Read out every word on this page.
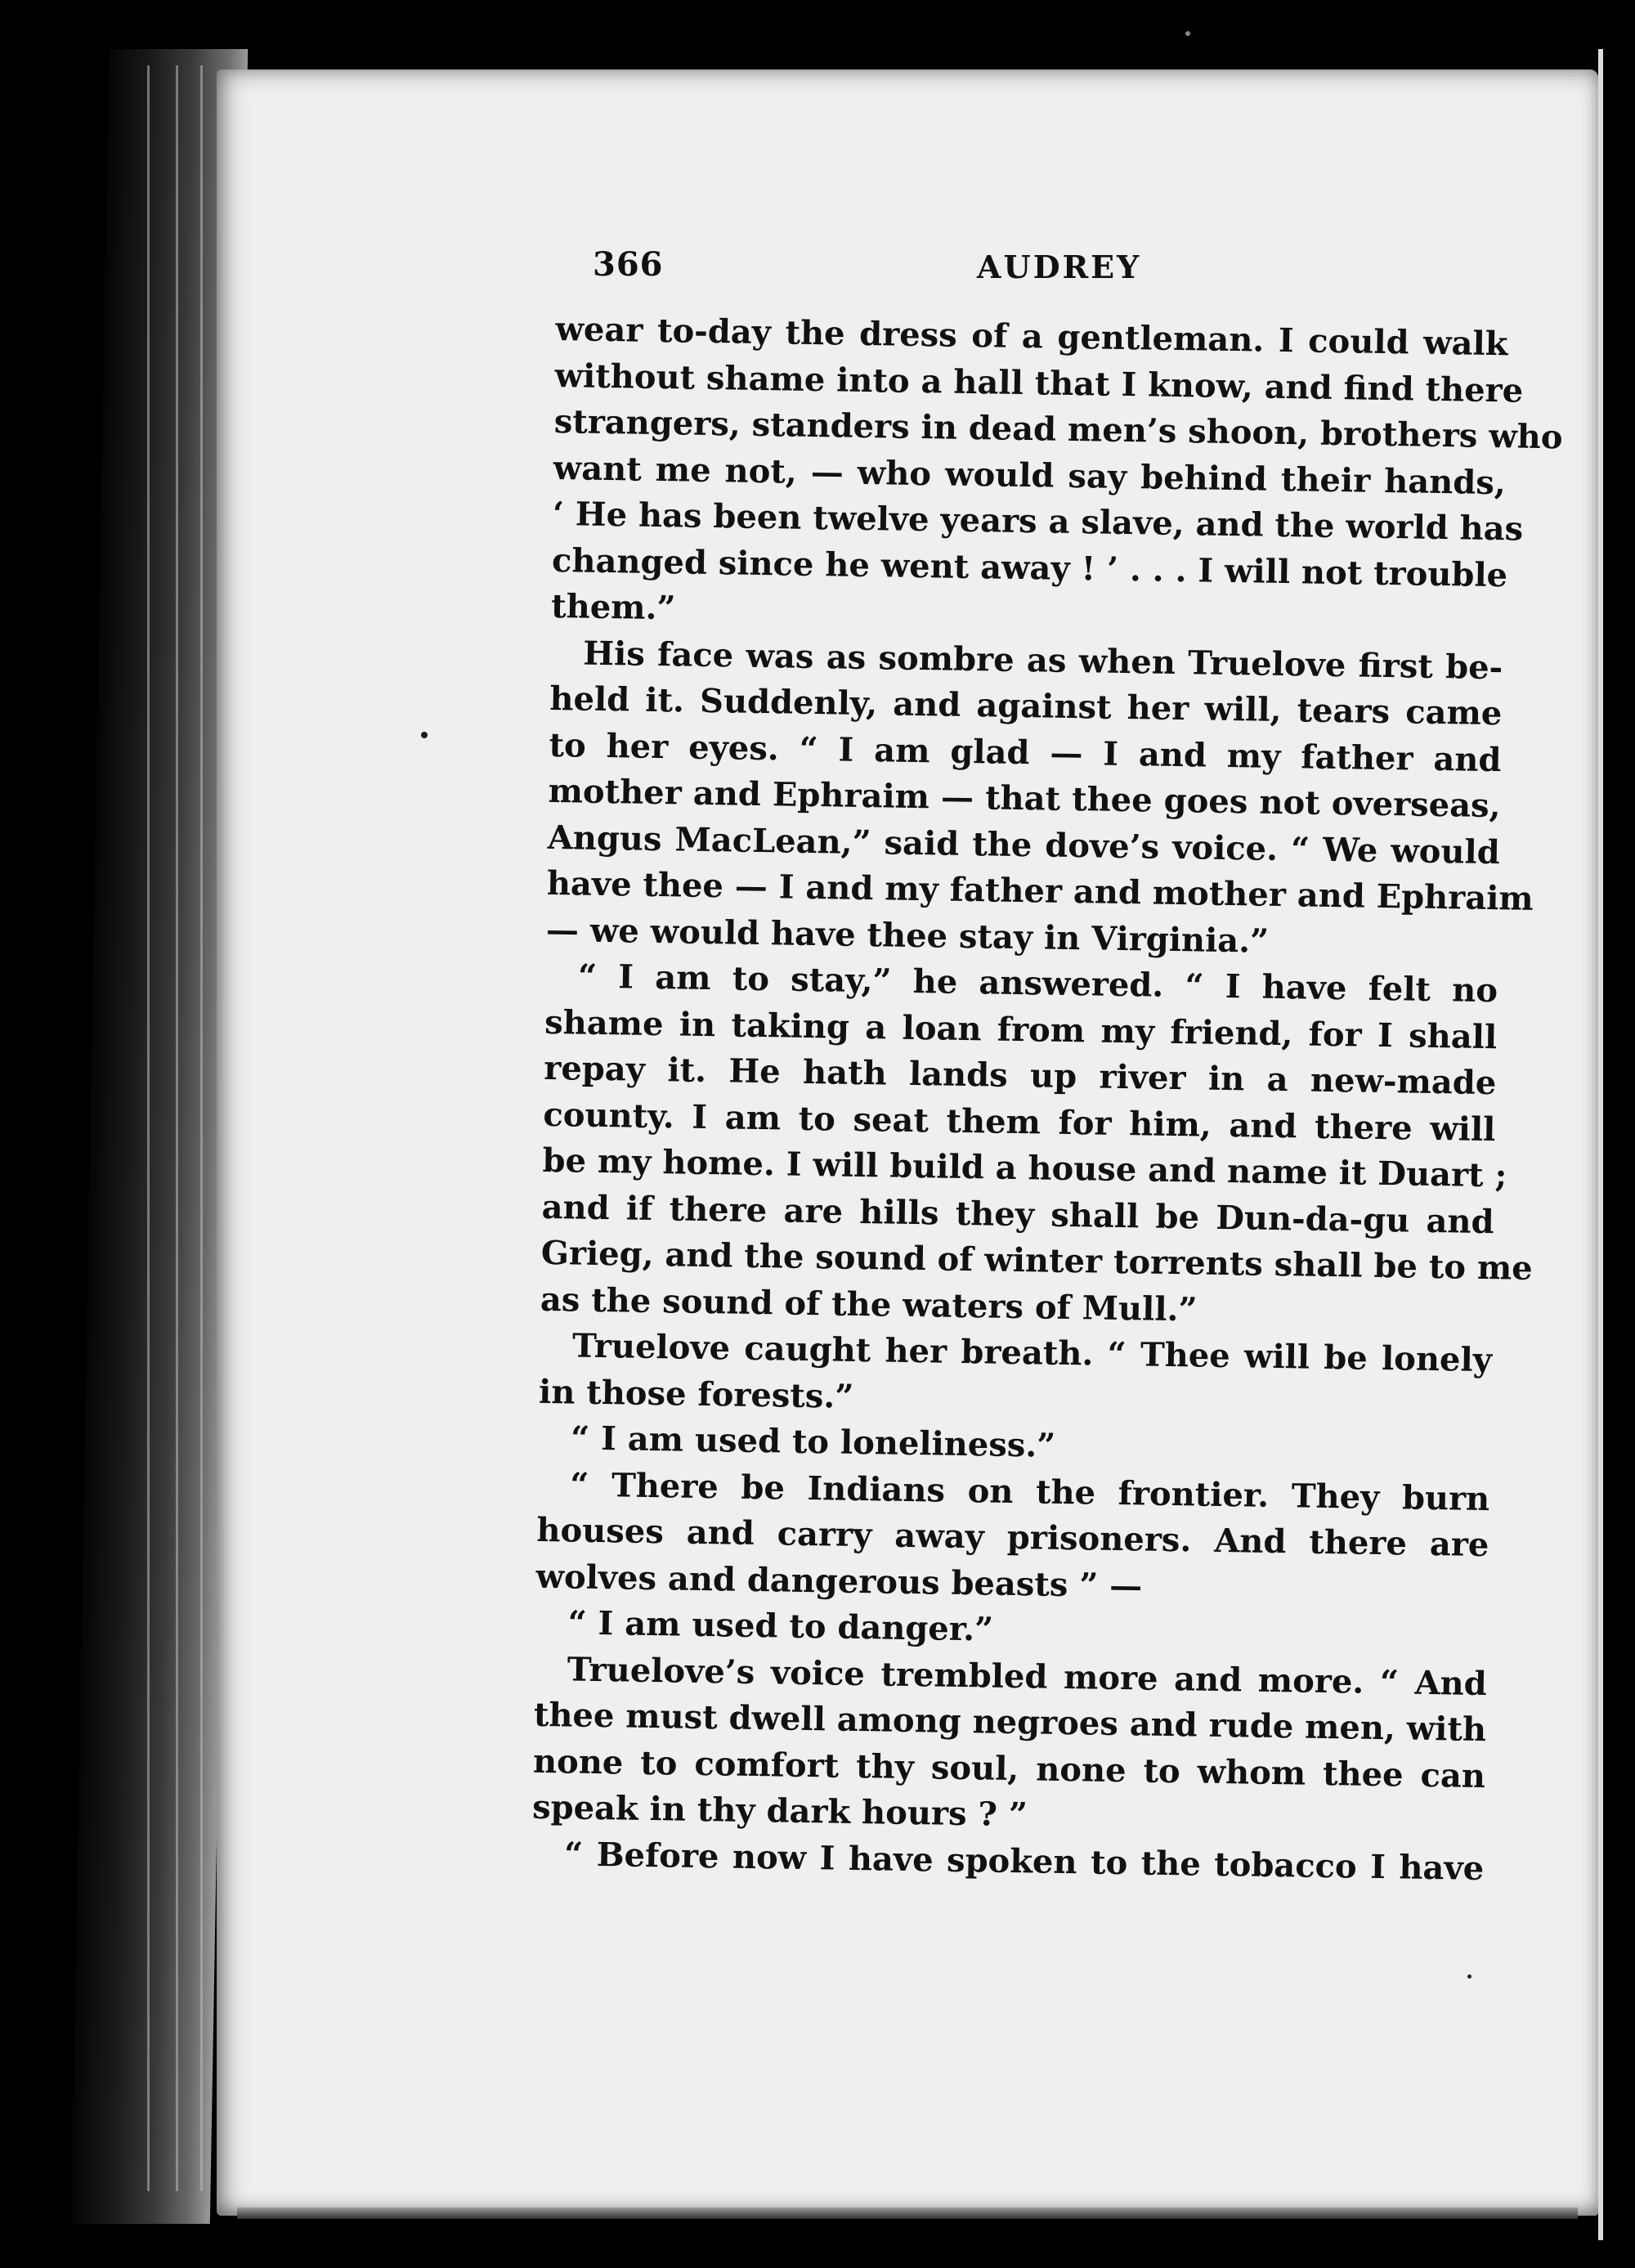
366	AUDREY
wear to-day the dress of a gentleman. I could walk
without shame into a hall that I know, and find there
strangers, standers in dead men’s shoon, brothers who
want me not, — who would say behind their hands,
‘ He has been twelve years a slave, and the world has
changed since he went away ! ’ . . . I will not trouble
them.”
His face was as sombre as when Truelove first be-
held it. Suddenly, and against her will, tears came
to her eyes. “ I am glad — I and my father and
mother and Ephraim — that thee goes not overseas,
Angus MacLean,” said the dove’s voice. “ We would
have thee — I and my father and mother and Ephraim
— we would have thee stay in Virginia.”
“ I am to stay,” he answered. “ I have felt no
shame in taking a loan from my friend, for I shall
repay it. He hath lands up river in a new-made
county. I am to seat them for him, and there will
be my home. I will build a house and name it Duart ;
and if there are hills they shall be Dun-da-gu and
Grieg, and the sound of winter torrents shall be to me
as the sound of the waters of Mull.”
Truelove caught her breath. “ Thee will be lonely
in those forests.”
“ I am used to loneliness.”
“ There be Indians on the frontier. They burn
houses and carry away prisoners. And there are
wolves and dangerous beasts ” —
“ I am used to danger.”
Truelove’s voice trembled more and more. “ And
thee must dwell among negroes and rude men, with
none to comfort thy soul, none to whom thee can
speak in thy dark hours ? ”
“ Before now I have spoken to the tobacco I have
